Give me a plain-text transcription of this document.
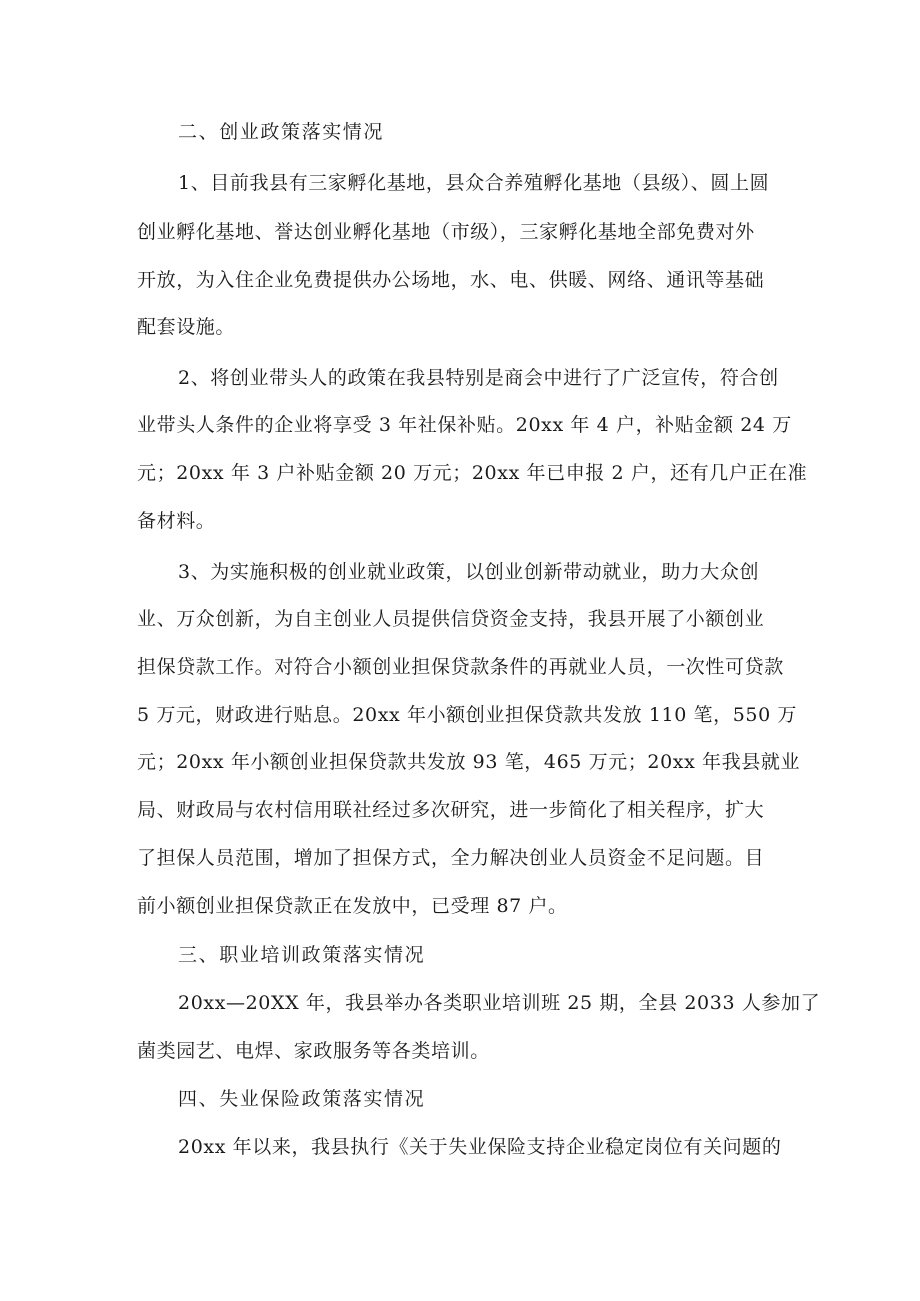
二、创业政策落实情况
1、目前我县有三家孵化基地，县众合养殖孵化基地（县级）、圆上圆
创业孵化基地、誉达创业孵化基地（市级），三家孵化基地全部免费对外
开放，为入住企业免费提供办公场地，水、电、供暖、网络、通讯等基础
配套设施。
2、将创业带头人的政策在我县特别是商会中进行了广泛宣传，符合创
业带头人条件的企业将享受 3 年社保补贴。20xx 年 4 户，补贴金额 24 万
元；20xx 年 3 户补贴金额 20 万元；20xx 年已申报 2 户，还有几户正在准
备材料。
3、为实施积极的创业就业政策，以创业创新带动就业，助力大众创
业、万众创新，为自主创业人员提供信贷资金支持，我县开展了小额创业
担保贷款工作。对符合小额创业担保贷款条件的再就业人员，一次性可贷款
5 万元，财政进行贴息。20xx 年小额创业担保贷款共发放 110 笔，550 万
元；20xx 年小额创业担保贷款共发放 93 笔，465 万元；20xx 年我县就业
局、财政局与农村信用联社经过多次研究，进一步简化了相关程序，扩大
了担保人员范围，增加了担保方式，全力解决创业人员资金不足问题。目
前小额创业担保贷款正在发放中，已受理 87 户。
三、职业培训政策落实情况
20xx—20XX 年，我县举办各类职业培训班 25 期，全县 2033 人参加了
菌类园艺、电焊、家政服务等各类培训。
四、失业保险政策落实情况
20xx 年以来，我县执行《关于失业保险支持企业稳定岗位有关问题的
